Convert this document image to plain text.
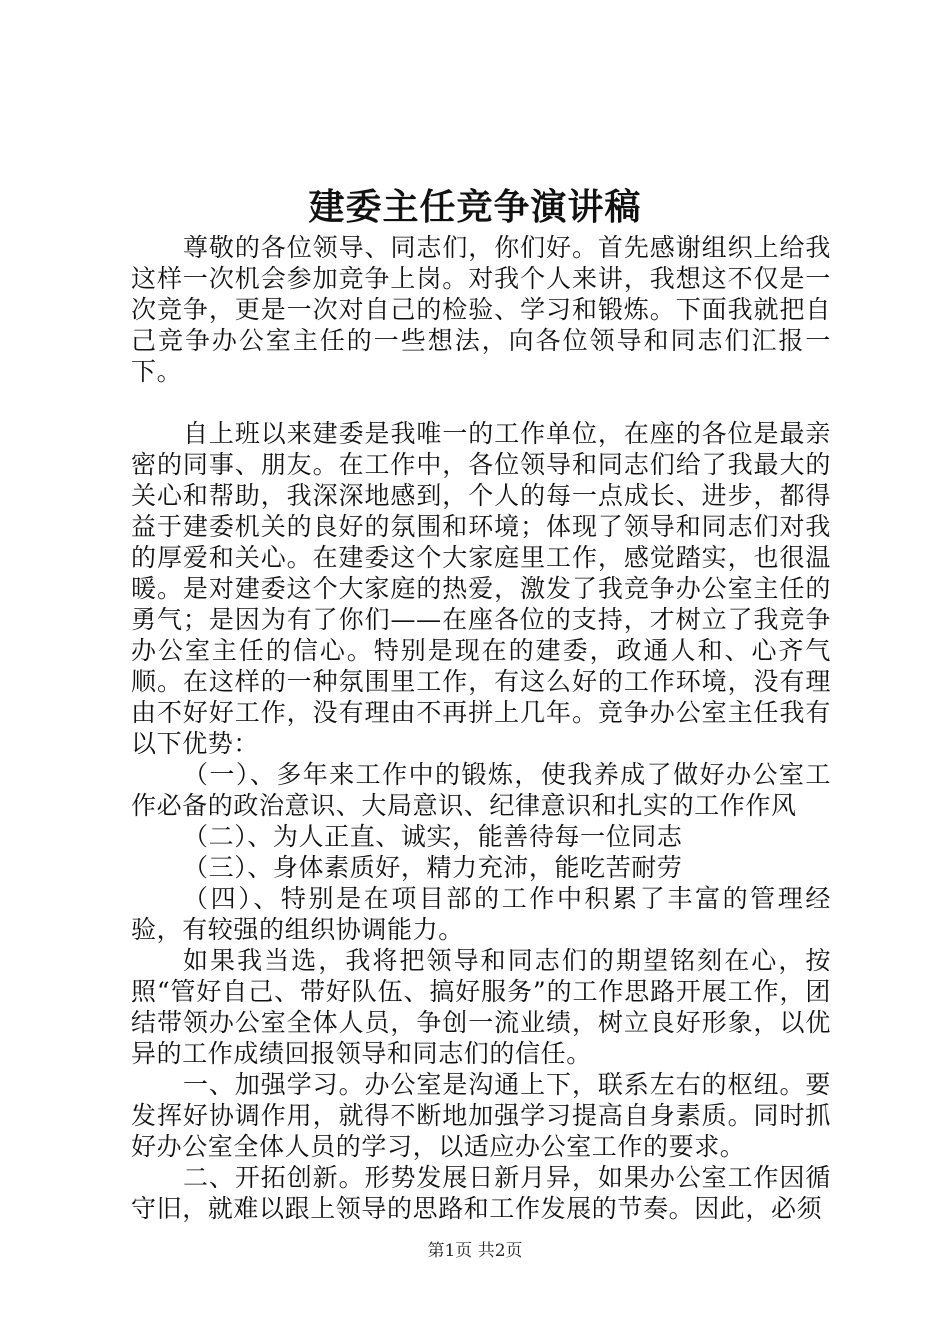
建委主任竞争演讲稿

尊敬的各位领导、同志们，你们好。首先感谢组织上给我这样一次机会参加竞争上岗。对我个人来讲，我想这不仅是一次竞争，更是一次对自己的检验、学习和锻炼。下面我就把自己竞争办公室主任的一些想法，向各位领导和同志们汇报一下。

自上班以来建委是我唯一的工作单位，在座的各位是最亲密的同事、朋友。在工作中，各位领导和同志们给了我最大的关心和帮助，我深深地感到，个人的每一点成长、进步，都得益于建委机关的良好的氛围和环境；体现了领导和同志们对我的厚爱和关心。在建委这个大家庭里工作，感觉踏实，也很温暖。是对建委这个大家庭的热爱，激发了我竞争办公室主任的勇气；是因为有了你们——在座各位的支持，才树立了我竞争办公室主任的信心。特别是现在的建委，政通人和、心齐气顺。在这样的一种氛围里工作，有这么好的工作环境，没有理由不好好工作，没有理由不再拼上几年。竞争办公室主任我有以下优势：

（一）、多年来工作中的锻炼，使我养成了做好办公室工作必备的政治意识、大局意识、纪律意识和扎实的工作作风

（二）、为人正直、诚实，能善待每一位同志

（三）、身体素质好，精力充沛，能吃苦耐劳

（四）、特别是在项目部的工作中积累了丰富的管理经验，有较强的组织协调能力。

如果我当选，我将把领导和同志们的期望铭刻在心，按照“管好自己、带好队伍、搞好服务”的工作思路开展工作，团结带领办公室全体人员，争创一流业绩，树立良好形象，以优异的工作成绩回报领导和同志们的信任。

一、加强学习。办公室是沟通上下，联系左右的枢纽。要发挥好协调作用，就得不断地加强学习提高自身素质。同时抓好办公室全体人员的学习，以适应办公室工作的要求。

二、开拓创新。形势发展日新月异，如果办公室工作因循守旧，就难以跟上领导的思路和工作发展的节奏。因此，必须

第1页 共2页
